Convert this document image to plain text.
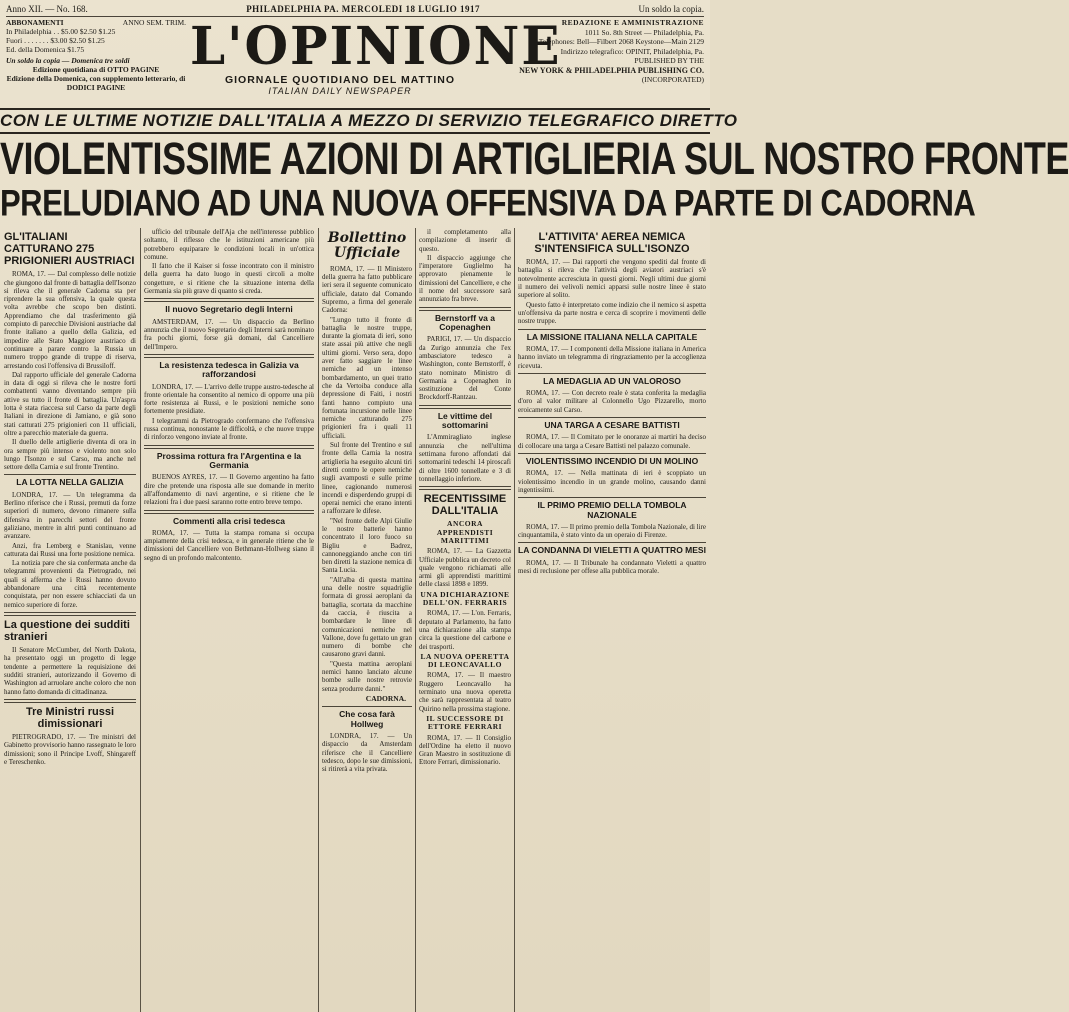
Anno XII. — No. 168.	PHILADELPHIA PA. MERCOLEDI 18 LUGLIO 1917	Un soldo la copia.
ABBONAMENTI	ANNO SEM. TRIM.
In Philadelphia . . $5.00 $2.50 $1.25
Fuori . . . . . . . $3.00 $2.50 $1.25
Ed. della Domenica $1.75
Un soldo la copia — Domenica tre soldi
Edizione quotidiana di OTTO PAGINE
Edizione della Domenica, con supplemento letterario, di DODICI PAGINE
L'OPINIONE
GIORNALE QUOTIDIANO DEL MATTINO
ITALIAN DAILY NEWSPAPER
REDAZIONE E AMMINISTRAZIONE
1011 So. 8th Street — Philadelphia, Pa.
Telephones: Bell—Filbert 2068 Keystone—Main 2129
Indirizzo telegrafico: OPINIT, Philadelphia, Pa.
PUBLISHED BY THE
NEW YORK & PHILADELPHIA PUBLISHING CO.
(INCORPORATED)
CON LE ULTIME NOTIZIE DALL'ITALIA A MEZZO DI SERVIZIO TELEGRAFICO DIRETTO
VIOLENTISSIME AZIONI DI ARTIGLIERIA SUL NOSTRO FRONTE
PRELUDIANO AD UNA NUOVA OFFENSIVA DA PARTE DI CADORNA
GL'ITALIANI CATTURANO 275 PRIGIONIERI AUSTRIACI

ROMA, 17. — Dal complesso delle notizie che giungono dal fronte di battaglia dell'Isonzo si rileva che il generale Cadorna sta per riprendere la sua offensiva, la quale questa volta avrebbe che scopo ben distinti. Apprendiamo che dal trasferimento già compiuto di parecchie Divisioni austriache dal fronte italiano a quello della Galizia, ed impedire alle Stato Maggiore austriaco di continuare a parare contro la Russia un numero troppo grande di truppe di riserva, arrestando così l'offensiva di Brussiloff.

Dal rapporto ufficiale del generale Cadorna in data di oggi si rileva che le nostre forti combattenti vanno diventando sempre più attive su tutto il fronte di battaglia. Un'aspra lotta è stata riaccesa sul Carso da parte degli Italiani in direzione di Jamiano, e già sono stati catturati 275 prigionieri con 11 ufficiali, oltre a parecchio materiale da guerra.

Il duello delle artiglierie diventa di ora in ora sempre più intenso e violento non solo lungo l'Isonzo e sul Carso, ma anche nel settore della Carnia e sul fronte Trentino.

LA LOTTA NELLA GALIZIA

LONDRA, 17. — Un telegramma da Berlino riferisce che i Russi, premuti da forze superiori di numero, devono rimanere sulla difensiva in parecchi settori del fronte galiziano, mentre in altri punti continuano ad avanzare.

Anzi, fra Lemberg e Stanislau, venne catturata dai Russi una forte posizione nemica.

La notizia pare che sia confermata anche da telegrammi provenienti da Pietrogrado, nei quali si afferma che i Russi hanno dovuto abbandonare una città recentemente conquistata, per non essere schiacciati da un nemico superiore di forze.

La questione dei sudditi stranieri

Il Senatore McCumber, del North Dakota, ha presentato oggi un progetto di legge tendente a permettere la requisizione dei sudditi stranieri, autorizzando il Governo di Washington ad arruolare anche coloro che non hanno fatto domanda di cittadinanza.

Tre Ministri russi dimissionari

PIETROGRADO, 17. — Tre ministri del Gabinetto provvisorio hanno rassegnato le loro dimissioni; sono il Principe Lvoff, Shingareff e Tereschenko.

ufficio del tribunale dell'Aja che nell'interesse pubblico soltanto, il riflesso che le istituzioni americane più potrebbero equiparare le condizioni locali in un'ottica comune.

Il fatto che il Kaiser si fosse incontrato con il ministro della guerra ha dato luogo in questi circoli a molte congetture, e si ritiene che la situazione interna della Germania sia più grave di quanto si creda.

Il nuovo Segretario degli Interni

AMSTERDAM, 17. — Un dispaccio da Berlino annunzia che il nuovo Segretario degli Interni sarà nominato fra pochi giorni, forse già domani, dal Cancelliere dell'Impero.

La resistenza tedesca in Galizia va rafforzandosi

LONDRA, 17. — L'arrivo delle truppe austro-tedesche al fronte orientale ha consentito al nemico di opporre una più forte resistenza ai Russi, e le posizioni nemiche sono fortemente presidiate.

I telegrammi da Pietrogrado confermano che l'offensiva russa continua, nonostante le difficoltà, e che nuove truppe di rinforzo vengono inviate al fronte.

Prossima rottura fra l'Argentina e la Germania

BUENOS AYRES, 17. — Il Governo argentino ha fatto dire che pretende una risposta alle sue domande in merito all'affondamento di navi argentine, e si ritiene che le relazioni fra i due paesi saranno rotte entro breve tempo.

Commenti alla crisi tedesca

ROMA, 17. — Tutta la stampa romana si occupa ampiamente della crisi tedesca, e in generale ritiene che le dimissioni del Cancelliere von Bethmann-Hollweg siano il segno di un profondo malcontento.

Bollettino Ufficiale

ROMA, 17. — Il Ministero della guerra ha fatto pubblicare ieri sera il seguente comunicato ufficiale, datato dal Comando Supremo, a firma del generale Cadorna:

"Lungo tutto il fronte di battaglia le nostre truppe, durante la giornata di ieri, sono state assai più attive che negli ultimi giorni. Verso sera, dopo aver fatto saggiare le linee nemiche ad un intenso bombardamento, un quei tratto che da Vertoiba conduce alla depressione di Faiti, i nostri fanti hanno compiuto una fortunata incursione nelle linee nemiche catturando 275 prigionieri fra i quali 11 ufficiali.

Sul fronte del Trentino e sul fronte della Carnia la nostra artiglieria ha eseguito alcuni tiri diretti contro le opere nemiche sugli avamposti e sulle prime linee, cagionando numerosi incendi e disperdendo gruppi di operai nemici che erano intenti a rafforzare le difese.

"Nel fronte delle Alpi Giulie le nostre batterie hanno concentrato il loro fuoco su Bigliu e Badrez, cannoneggiando anche con tiri ben diretti la stazione nemica di Santa Lucia.

"All'alba di questa mattina una delle nostre squadriglie formata di grossi aeroplani da battaglia, scortata da macchine da caccia, è riuscita a bombardare le linee di comunicazioni nemiche nel Vallone, dove fu gettato un gran numero di bombe che causarono gravi danni.

"Questa mattina aeroplani nemici hanno lanciato alcune bombe sulle nostre retrovie senza produrre danni."

CADORNA.
Che cosa farà Hollweg

LONDRA, 17. — Un dispaccio da Amsterdam riferisce che il Cancelliere tedesco, dopo le sue dimissioni, si ritirerà a vita privata.

il completamento alla compilazione di inserir di questo.

Il dispaccio aggiunge che l'imperatore Guglielmo ha approvato pienamente le dimissioni del Cancelliere, e che il nome del successore sarà annunziato fra breve.

Bernstorff va a Copenaghen

PARIGI, 17. — Un dispaccio da Zurigo annunzia che l'ex ambasciatore tedesco a Washington, conte Bernstorff, è stato nominato Ministro di Germania a Copenaghen in sostituzione del Conte Brockdorff-Rantzau.

Le vittime del sottomarini

L'Ammiragliato inglese annunzia che nell'ultima settimana furono affondati dai sottomarini tedeschi 14 piroscafi di oltre 1600 tonnellate e 3 di tonnellaggio inferiore.

RECENTISSIME DALL'ITALIA
ANCORA APPRENDISTI MARITTIMI

ROMA, 17. — La Gazzetta Ufficiale pubblica un decreto col quale vengono richiamati alle armi gli apprendisti marittimi delle classi 1898 e 1899.

UNA DICHIARAZIONE DELL'ON. FERRARIS

ROMA, 17. — L'on. Ferraris, deputato al Parlamento, ha fatto una dichiarazione alla stampa circa la questione del carbone e dei trasporti.

LA NUOVA OPERETTA DI LEONCAVALLO

ROMA, 17. — Il maestro Ruggero Leoncavallo ha terminato una nuova operetta che sarà rappresentata al teatro Quirino nella prossima stagione.

IL SUCCESSORE DI ETTORE FERRARI

ROMA, 17. — Il Consiglio dell'Ordine ha eletto il nuovo Gran Maestro in sostituzione di Ettore Ferrari, dimissionario.

L'ATTIVITA' AEREA NEMICA S'INTENSIFICA SULL'ISONZO

ROMA, 17. — Dai rapporti che vengono spediti dal fronte di battaglia si rileva che l'attività degli aviatori austriaci s'è notevolmente accresciuta in questi giorni. Negli ultimi due giorni il numero dei velivoli nemici apparsi sulle nostre linee è stato superiore al solito.

Questo fatto è interpretato come indizio che il nemico si aspetta un'offensiva da parte nostra e cerca di scoprire i movimenti delle nostre truppe.

LA MISSIONE ITALIANA NELLA CAPITALE

ROMA, 17. — I componenti della Missione italiana in America hanno inviato un telegramma di ringraziamento per la accoglienza ricevuta.

LA MEDAGLIA AD UN VALOROSO

ROMA, 17. — Con decreto reale è stata conferita la medaglia d'oro al valor militare al Colonnello Ugo Pizzarello, morto eroicamente sul Carso.

UNA TARGA A CESARE BATTISTI

ROMA, 17. — Il Comitato per le onoranze ai martiri ha deciso di collocare una targa a Cesare Battisti nel palazzo comunale.

VIOLENTISSIMO INCENDIO DI UN MOLINO

ROMA, 17. — Nella mattinata di ieri è scoppiato un violentissimo incendio in un grande molino, causando danni ingentissimi.

IL PRIMO PREMIO DELLA TOMBOLA NAZIONALE

ROMA, 17. — Il primo premio della Tombola Nazionale, di lire cinquantamila, è stato vinto da un operaio di Firenze.

LA CONDANNA DI VIELETTI A QUATTRO MESI

ROMA, 17. — Il Tribunale ha condannato Vieletti a quattro mesi di reclusione per offese alla pubblica morale.
